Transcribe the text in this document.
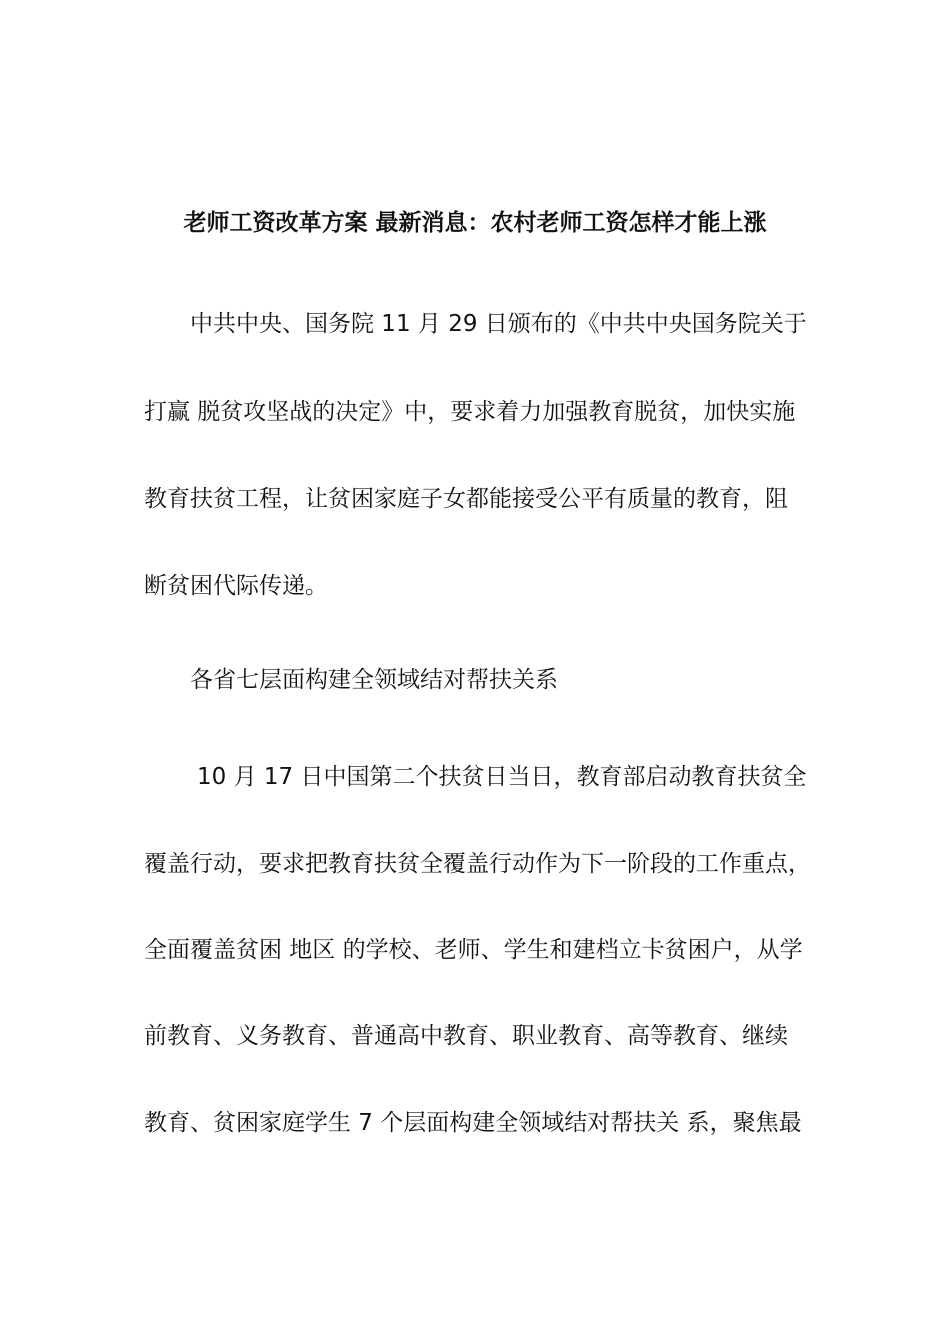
老师工资改革方案 最新消息：农村老师工资怎样才能上涨
中共中央、国务院 11 月 29 日颁布的《中共中央国务院关于
打赢 脱贫攻坚战的决定》中，要求着力加强教育脱贫，加快实施
教育扶贫工程，让贫困家庭子女都能接受公平有质量的教育，阻
断贫困代际传递。
各省七层面构建全领域结对帮扶关系
10 月 17 日中国第二个扶贫日当日，教育部启动教育扶贫全
覆盖行动，要求把教育扶贫全覆盖行动作为下一阶段的工作重点，
全面覆盖贫困 地区 的学校、老师、学生和建档立卡贫困户，从学
前教育、义务教育、普通高中教育、职业教育、高等教育、继续
教育、贫困家庭学生 7 个层面构建全领域结对帮扶关 系，聚焦最
